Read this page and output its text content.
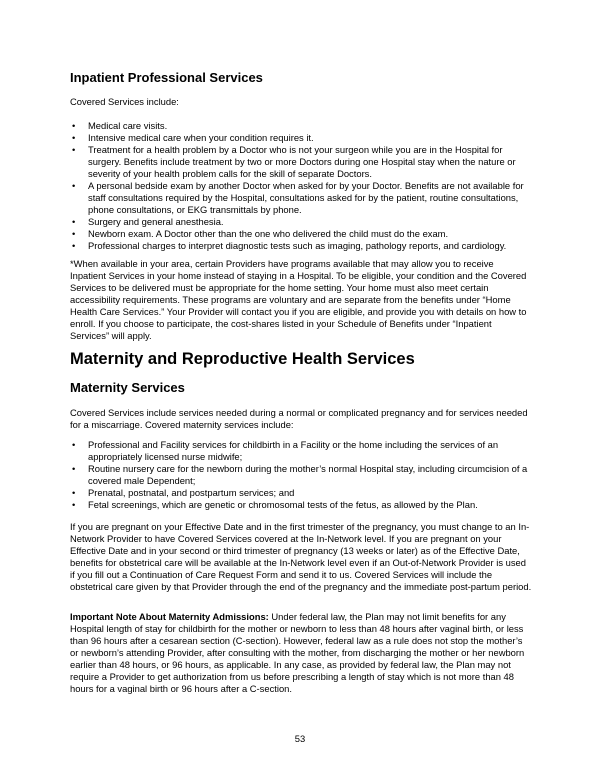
Inpatient Professional Services
Covered Services include:
• Medical care visits.
• Intensive medical care when your condition requires it.
• Treatment for a health problem by a Doctor who is not your surgeon while you are in the Hospital for surgery. Benefits include treatment by two or more Doctors during one Hospital stay when the nature or severity of your health problem calls for the skill of separate Doctors.
• A personal bedside exam by another Doctor when asked for by your Doctor. Benefits are not available for staff consultations required by the Hospital, consultations asked for by the patient, routine consultations, phone consultations, or EKG transmittals by phone.
• Surgery and general anesthesia.
• Newborn exam. A Doctor other than the one who delivered the child must do the exam.
• Professional charges to interpret diagnostic tests such as imaging, pathology reports, and cardiology.
*When available in your area, certain Providers have programs available that may allow you to receive Inpatient Services in your home instead of staying in a Hospital. To be eligible, your condition and the Covered Services to be delivered must be appropriate for the home setting. Your home must also meet certain accessibility requirements. These programs are voluntary and are separate from the benefits under “Home Health Care Services.” Your Provider will contact you if you are eligible, and provide you with details on how to enroll. If you choose to participate, the cost-shares listed in your Schedule of Benefits under “Inpatient Services” will apply.
Maternity and Reproductive Health Services
Maternity Services
Covered Services include services needed during a normal or complicated pregnancy and for services needed for a miscarriage. Covered maternity services include:
• Professional and Facility services for childbirth in a Facility or the home including the services of an appropriately licensed nurse midwife;
• Routine nursery care for the newborn during the mother’s normal Hospital stay, including circumcision of a covered male Dependent;
• Prenatal, postnatal, and postpartum services; and
• Fetal screenings, which are genetic or chromosomal tests of the fetus, as allowed by the Plan.
If you are pregnant on your Effective Date and in the first trimester of the pregnancy, you must change to an In-Network Provider to have Covered Services covered at the In-Network level. If you are pregnant on your Effective Date and in your second or third trimester of pregnancy (13 weeks or later) as of the Effective Date, benefits for obstetrical care will be available at the In-Network level even if an Out-of-Network Provider is used if you fill out a Continuation of Care Request Form and send it to us. Covered Services will include the obstetrical care given by that Provider through the end of the pregnancy and the immediate post-partum period.
Important Note About Maternity Admissions: Under federal law, the Plan may not limit benefits for any Hospital length of stay for childbirth for the mother or newborn to less than 48 hours after vaginal birth, or less than 96 hours after a cesarean section (C-section). However, federal law as a rule does not stop the mother’s or newborn’s attending Provider, after consulting with the mother, from discharging the mother or her newborn earlier than 48 hours, or 96 hours, as applicable. In any case, as provided by federal law, the Plan may not require a Provider to get authorization from us before prescribing a length of stay which is not more than 48 hours for a vaginal birth or 96 hours after a C-section.
53
